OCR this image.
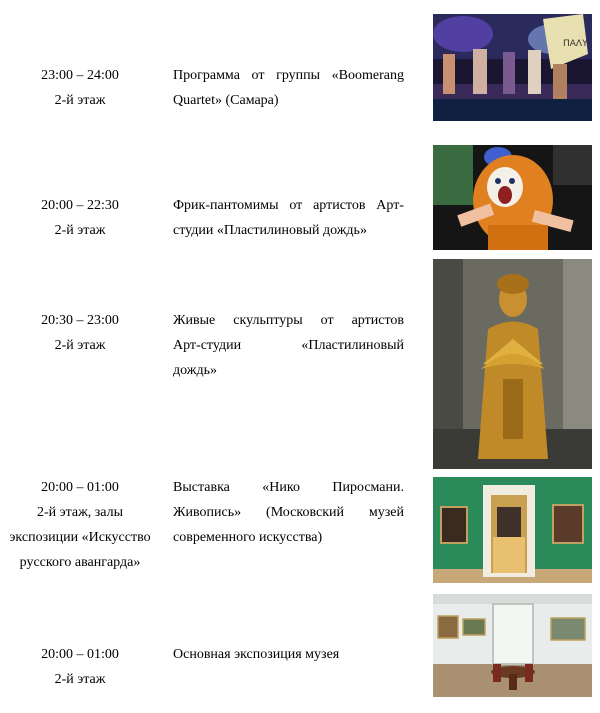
23:00 – 24:00
2-й этаж
Программа от группы «Boomerang
Quartet» (Самара)
ΠΑΛΥ
20:00 – 22:30
2-й этаж
Фрик-пантомимы от артистов Арт-
студии «Пластилиновый дождь»
20:30 – 23:00
2-й этаж
Живые скульптуры от артистов
Арт-студии «Пластилиновый
дождь»
20:00 – 01:00
2-й этаж, залы
экспозиции «Искусство
русского авангарда»
Выставка «Нико Пиросмани.
Живопись» (Московский музей
современного искусства)
20:00 – 01:00
2-й этаж
Основная экспозиция музея
